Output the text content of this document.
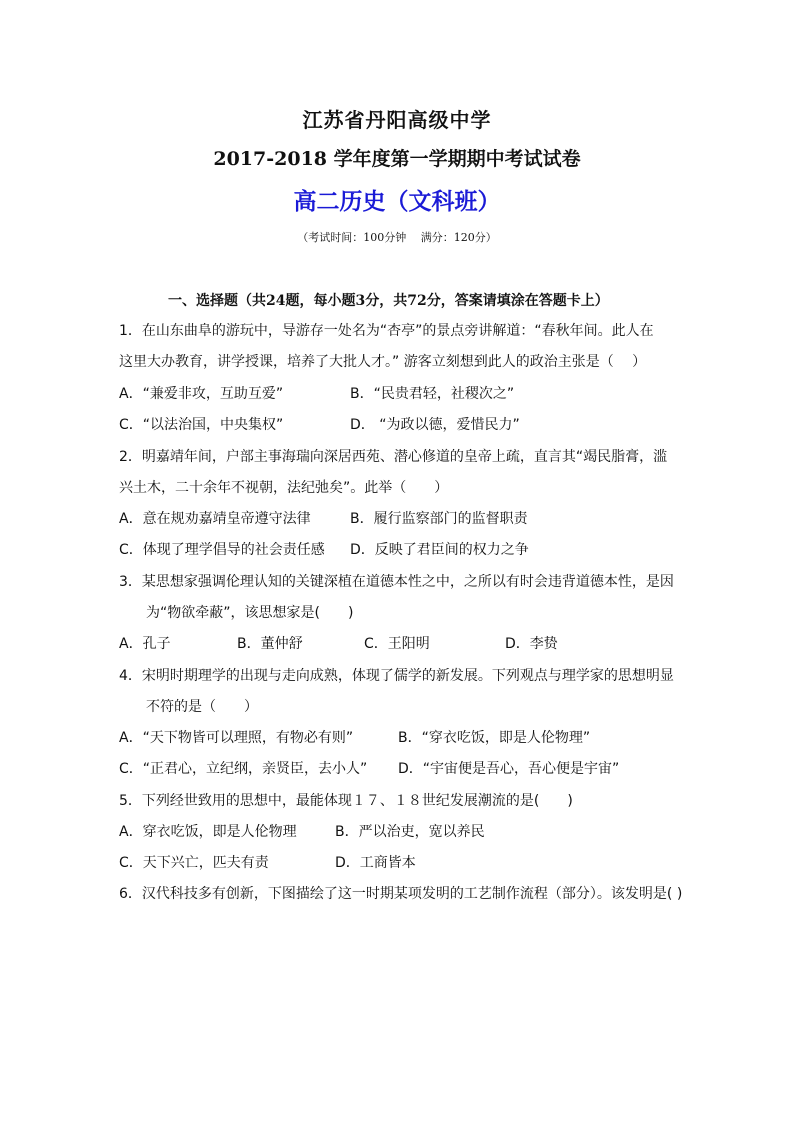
江苏省丹阳高级中学
2017-2018 学年度第一学期期中考试试卷
高二历史（文科班）
（考试时间：100分钟　 满分：120分）
一、选择题（共24题，每小题3分，共72分，答案请填涂在答题卡上）
1．在山东曲阜的游玩中，导游存一处名为“杏亭”的景点旁讲解道：“春秋年间。此人在
这里大办教育，讲学授课，培养了大批人才。” 游客立刻想到此人的政治主张是（　 ）
A．“兼爱非攻，互助互爱”	B．“民贵君轻，社稷次之”
C．“以法治国，中央集权”	D． “为政以德，爱惜民力”
2．明嘉靖年间，户部主事海瑞向深居西苑、潜心修道的皇帝上疏，直言其“竭民脂膏，滥
兴土木，二十余年不视朝，法纪弛矣”。此举（　　）
A．意在规劝嘉靖皇帝遵守法律	B．履行监察部门的监督职责
C．体现了理学倡导的社会责任感 D．反映了君臣间的权力之争
3．某思想家强调伦理认知的关键深植在道德本性之中，之所以有时会违背道德本性，是因
为“物欲牵蔽”，该思想家是(　　)
A．孔子	B．董仲舒	C．王阳明	D．李贽
4．宋明时期理学的出现与走向成熟，体现了儒学的新发展。下列观点与理学家的思想明显
不符的是（　　）
A．“天下物皆可以理照，有物必有则”	B．“穿衣吃饭，即是人伦物理”
C．“正君心，立纪纲，亲贤臣，去小人” D．“宇宙便是吾心，吾心便是宇宙”
5．下列经世致用的思想中，最能体现１７、１８世纪发展潮流的是(　　)
A．穿衣吃饭，即是人伦物理	B．严以治吏，宽以养民
C．天下兴亡，匹夫有责	D．工商皆本
6．汉代科技多有创新，下图描绘了这一时期某项发明的工艺制作流程（部分）。该发明是( )
